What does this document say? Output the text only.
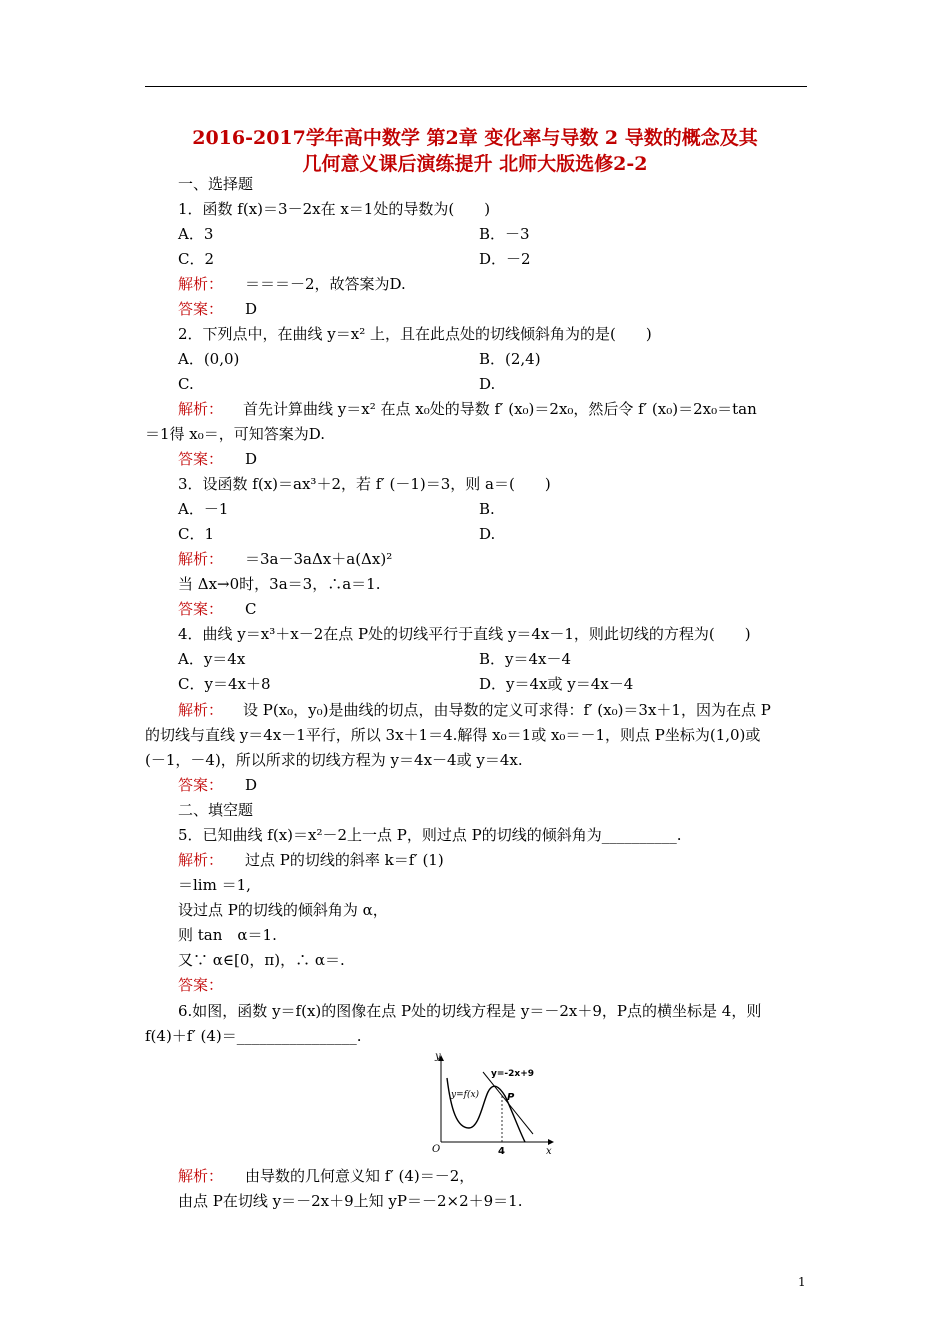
2016-2017学年高中数学 第2章 变化率与导数 2 导数的概念及其
几何意义课后演练提升 北师大版选修2-2
一、选择题
1．函数 f(x)＝3－2x在 x＝1处的导数为(　　)
A．3	B．－3
C．2	D．－2
解析： ＝＝＝－2，故答案为D.
答案： D
2．下列点中，在曲线 y＝x² 上，且在此点处的切线倾斜角为的是(　　)
A．(0,0)	B．(2,4)
C.	D.
解析： 首先计算曲线 y＝x² 在点 x₀处的导数 f′ (x₀)＝2x₀，然后令 f′ (x₀)＝2x₀＝tan
＝1得 x₀＝，可知答案为D.
答案： D
3．设函数 f(x)＝ax³＋2，若 f′ (－1)＝3，则 a＝(　　)
A．－1	B.
C．1	D.
解析： ＝3a－3aΔx＋a(Δx)²
当 Δx→0时，3a＝3，∴a＝1.
答案： C
4．曲线 y＝x³＋x－2在点 P处的切线平行于直线 y＝4x－1，则此切线的方程为(　　)
A．y＝4x	B．y＝4x－4
C．y＝4x＋8	D．y＝4x或 y＝4x－4
解析： 设 P(x₀，y₀)是曲线的切点，由导数的定义可求得：f′ (x₀)＝3x＋1，因为在点 P
的切线与直线 y＝4x－1平行，所以 3x＋1＝4.解得 x₀＝1或 x₀＝－1，则点 P坐标为(1,0)或
(－1，－4)，所以所求的切线方程为 y＝4x－4或 y＝4x.
答案： D
二、填空题
5．已知曲线 f(x)＝x²－2上一点 P，则过点 P的切线的倾斜角为__________.
解析： 过点 P的切线的斜率 k＝f′ (1)
＝lim ＝1,
设过点 P的切线的倾斜角为 α，
则 tan　α＝1.
又∵ α∈[0，π)，∴ α＝.
答案：
6.如图，函数 y＝f(x)的图像在点 P处的切线方程是 y＝－2x＋9，P点的横坐标是 4，则
f(4)＋f′ (4)＝________________.
y
x
O	4
P
y=-2x+9
y=f(x)
解析： 由导数的几何意义知 f′ (4)＝－2，
由点 P在切线 y＝－2x＋9上知 yP＝－2×2＋9＝1.
1
